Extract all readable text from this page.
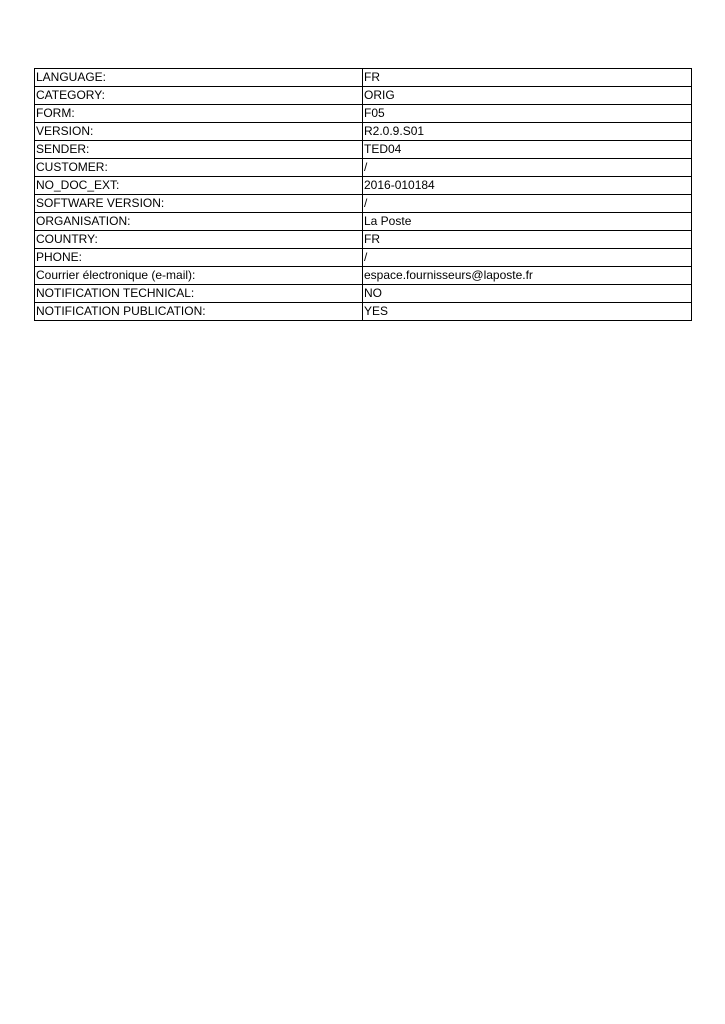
LANGUAGE:	FR
CATEGORY:	ORIG
FORM:	F05
VERSION:	R2.0.9.S01
SENDER:	TED04
CUSTOMER:	/
NO_DOC_EXT:	2016-010184
SOFTWARE VERSION:	/
ORGANISATION:	La Poste
COUNTRY:	FR
PHONE:	/
Courrier électronique (e-mail):	espace.fournisseurs@laposte.fr
NOTIFICATION TECHNICAL:	NO
NOTIFICATION PUBLICATION:	YES
